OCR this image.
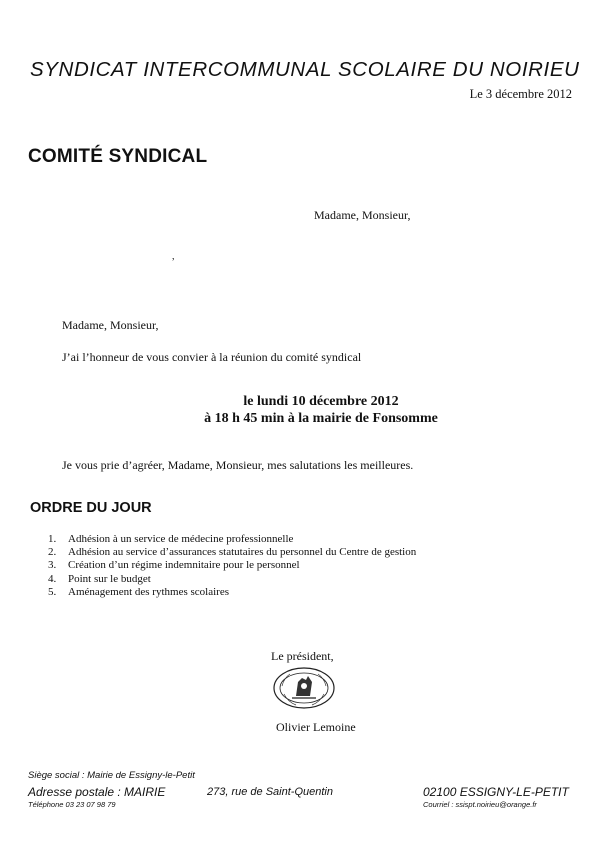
SYNDICAT INTERCOMMUNAL SCOLAIRE DU NOIRIEU
Le 3 décembre 2012
COMITÉ SYNDICAL
Madame, Monsieur,
,
Madame, Monsieur,
J’ai l’honneur de vous convier à la réunion du comité syndical
le lundi 10 décembre 2012
à 18 h 45 min à la mairie de Fonsomme
Je vous prie d’agréer, Madame, Monsieur, mes salutations les meilleures.
ORDRE DU JOUR
1.	Adhésion à un service de médecine professionnelle
2.	Adhésion au service d’assurances statutaires du personnel du Centre de gestion
3.	Création d’un régime indemnitaire pour le personnel
4.	Point sur le budget
5.	Aménagement des rythmes scolaires
Le président,
Olivier Lemoine
Siège social : Mairie de Essigny-le-Petit
Adresse postale : MAIRIE	273, rue de Saint-Quentin	02100 ESSIGNY-LE-PETIT
Téléphone 03 23 07 98 79	Courriel : ssispt.noirieu@orange.fr
